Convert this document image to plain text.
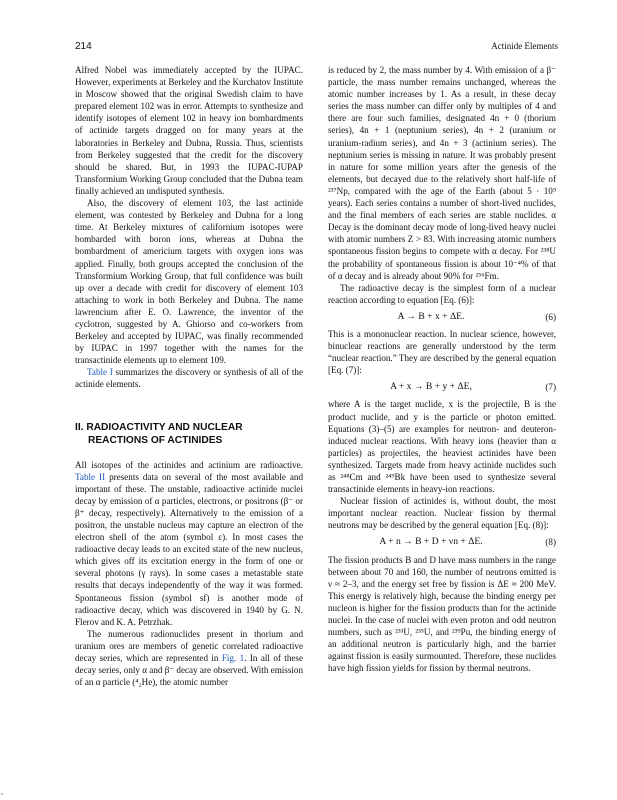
214	Actinide Elements

Alfred Nobel was immediately accepted by the IUPAC. However, experiments at Berkeley and the Kurchatov Institute in Moscow showed that the original Swedish claim to have prepared element 102 was in error. Attempts to synthesize and identify isotopes of element 102 in heavy ion bombardments of actinide targets dragged on for many years at the laboratories in Berkeley and Dubna, Russia. Thus, scientists from Berkeley suggested that the credit for the discovery should be shared. But, in 1993 the IUPAC-IUPAP Transformium Working Group concluded that the Dubna team finally achieved an undisputed synthesis.

Also, the discovery of element 103, the last actinide element, was contested by Berkeley and Dubna for a long time. At Berkeley mixtures of californium isotopes were bombarded with boron ions, whereas at Dubna the bombardment of americium targets with oxygen ions was applied. Finally, both groups accepted the conclusion of the Transformium Working Group, that full confidence was built up over a decade with credit for discovery of element 103 attaching to work in both Berkeley and Dubna. The name lawrencium after E. O. Lawrence, the inventor of the cyclotron, suggested by A. Ghiorso and co-workers from Berkeley and accepted by IUPAC, was finally recommended by IUPAC in 1997 together with the names for the transactinide elements up to element 109.

Table I summarizes the discovery or synthesis of all of the actinide elements.

II. RADIOACTIVITY AND NUCLEAR REACTIONS OF ACTINIDES

All isotopes of the actinides and actinium are radioactive. Table II presents data on several of the most available and important of these. The unstable, radioactive actinide nuclei decay by emission of α particles, electrons, or positrons (β⁻ or β⁺ decay, respectively). Alternatively to the emission of a positron, the unstable nucleus may capture an electron of the electron shell of the atom (symbol ε). In most cases the radioactive decay leads to an excited state of the new nucleus, which gives off its excitation energy in the form of one or several photons (γ rays). In some cases a metastable state results that decays independently of the way it was formed. Spontaneous fission (symbol sf) is another mode of radioactive decay, which was discovered in 1940 by G. N. Flerov and K. A. Petrzhak.

The numerous radionuclides present in thorium and uranium ores are members of genetic correlated radioactive decay series, which are represented in Fig. 1. In all of these decay series, only α and β⁻ decay are observed. With emission of an α particle (⁴₂He), the atomic number

is reduced by 2, the mass number by 4. With emission of a β⁻ particle, the mass number remains unchanged, whereas the atomic number increases by 1. As a result, in these decay series the mass number can differ only by multiples of 4 and there are four such families, designated 4n + 0 (thorium series), 4n + 1 (neptunium series), 4n + 2 (uranium or uranium-radium series), and 4n + 3 (actinium series). The neptunium series is missing in nature. It was probably present in nature for some million years after the genesis of the elements, but decayed due to the relatively short half-life of ²³⁷Np, compared with the age of the Earth (about 5 · 10⁹ years). Each series contains a number of short-lived nuclides, and the final members of each series are stable nuclides. α Decay is the dominant decay mode of long-lived heavy nuclei with atomic numbers Z > 83. With increasing atomic numbers spontaneous fission begins to compete with α decay. For ²³⁸U the probability of spontaneous fission is about 10⁻⁴% of that of α decay and is already about 90% for ²⁵⁶Fm.

The radioactive decay is the simplest form of a nuclear reaction according to equation [Eq. (6)]:

A → B + x + ΔE.	(6)

This is a mononuclear reaction. In nuclear science, however, binuclear reactions are generally understood by the term “nuclear reaction.” They are described by the general equation [Eq. (7)]:

A + x → B + y + ΔE,	(7)

where A is the target nuclide, x is the projectile, B is the product nuclide, and y is the particle or photon emitted. Equations (3)–(5) are examples for neutron- and deuteron-induced nuclear reactions. With heavy ions (heavier than α particles) as projectiles, the heaviest actinides have been synthesized. Targets made from heavy actinide nuclides such as ²⁴⁸Cm and ²⁴⁹Bk have been used to synthesize several transactinide elements in heavy-ion reactions.

Nuclear fission of actinides is, without doubt, the most important nuclear reaction. Nuclear fission by thermal neutrons may be described by the general equation [Eq. (8)]:

A + n → B + D + νn + ΔE.	(8)

The fission products B and D have mass numbers in the range between about 70 and 160, the number of neutrons emitted is ν ≈ 2–3, and the energy set free by fission is ΔE ≈ 200 MeV. This energy is relatively high, because the binding energy per nucleon is higher for the fission products than for the actinide nuclei. In the case of nuclei with even proton and odd neutron numbers, such as ²³³U, ²³⁵U, and ²³⁹Pu, the binding energy of an additional neutron is particularly high, and the barrier against fission is easily surmounted. Therefore, these nuclides have high fission yields for fission by thermal neutrons.
